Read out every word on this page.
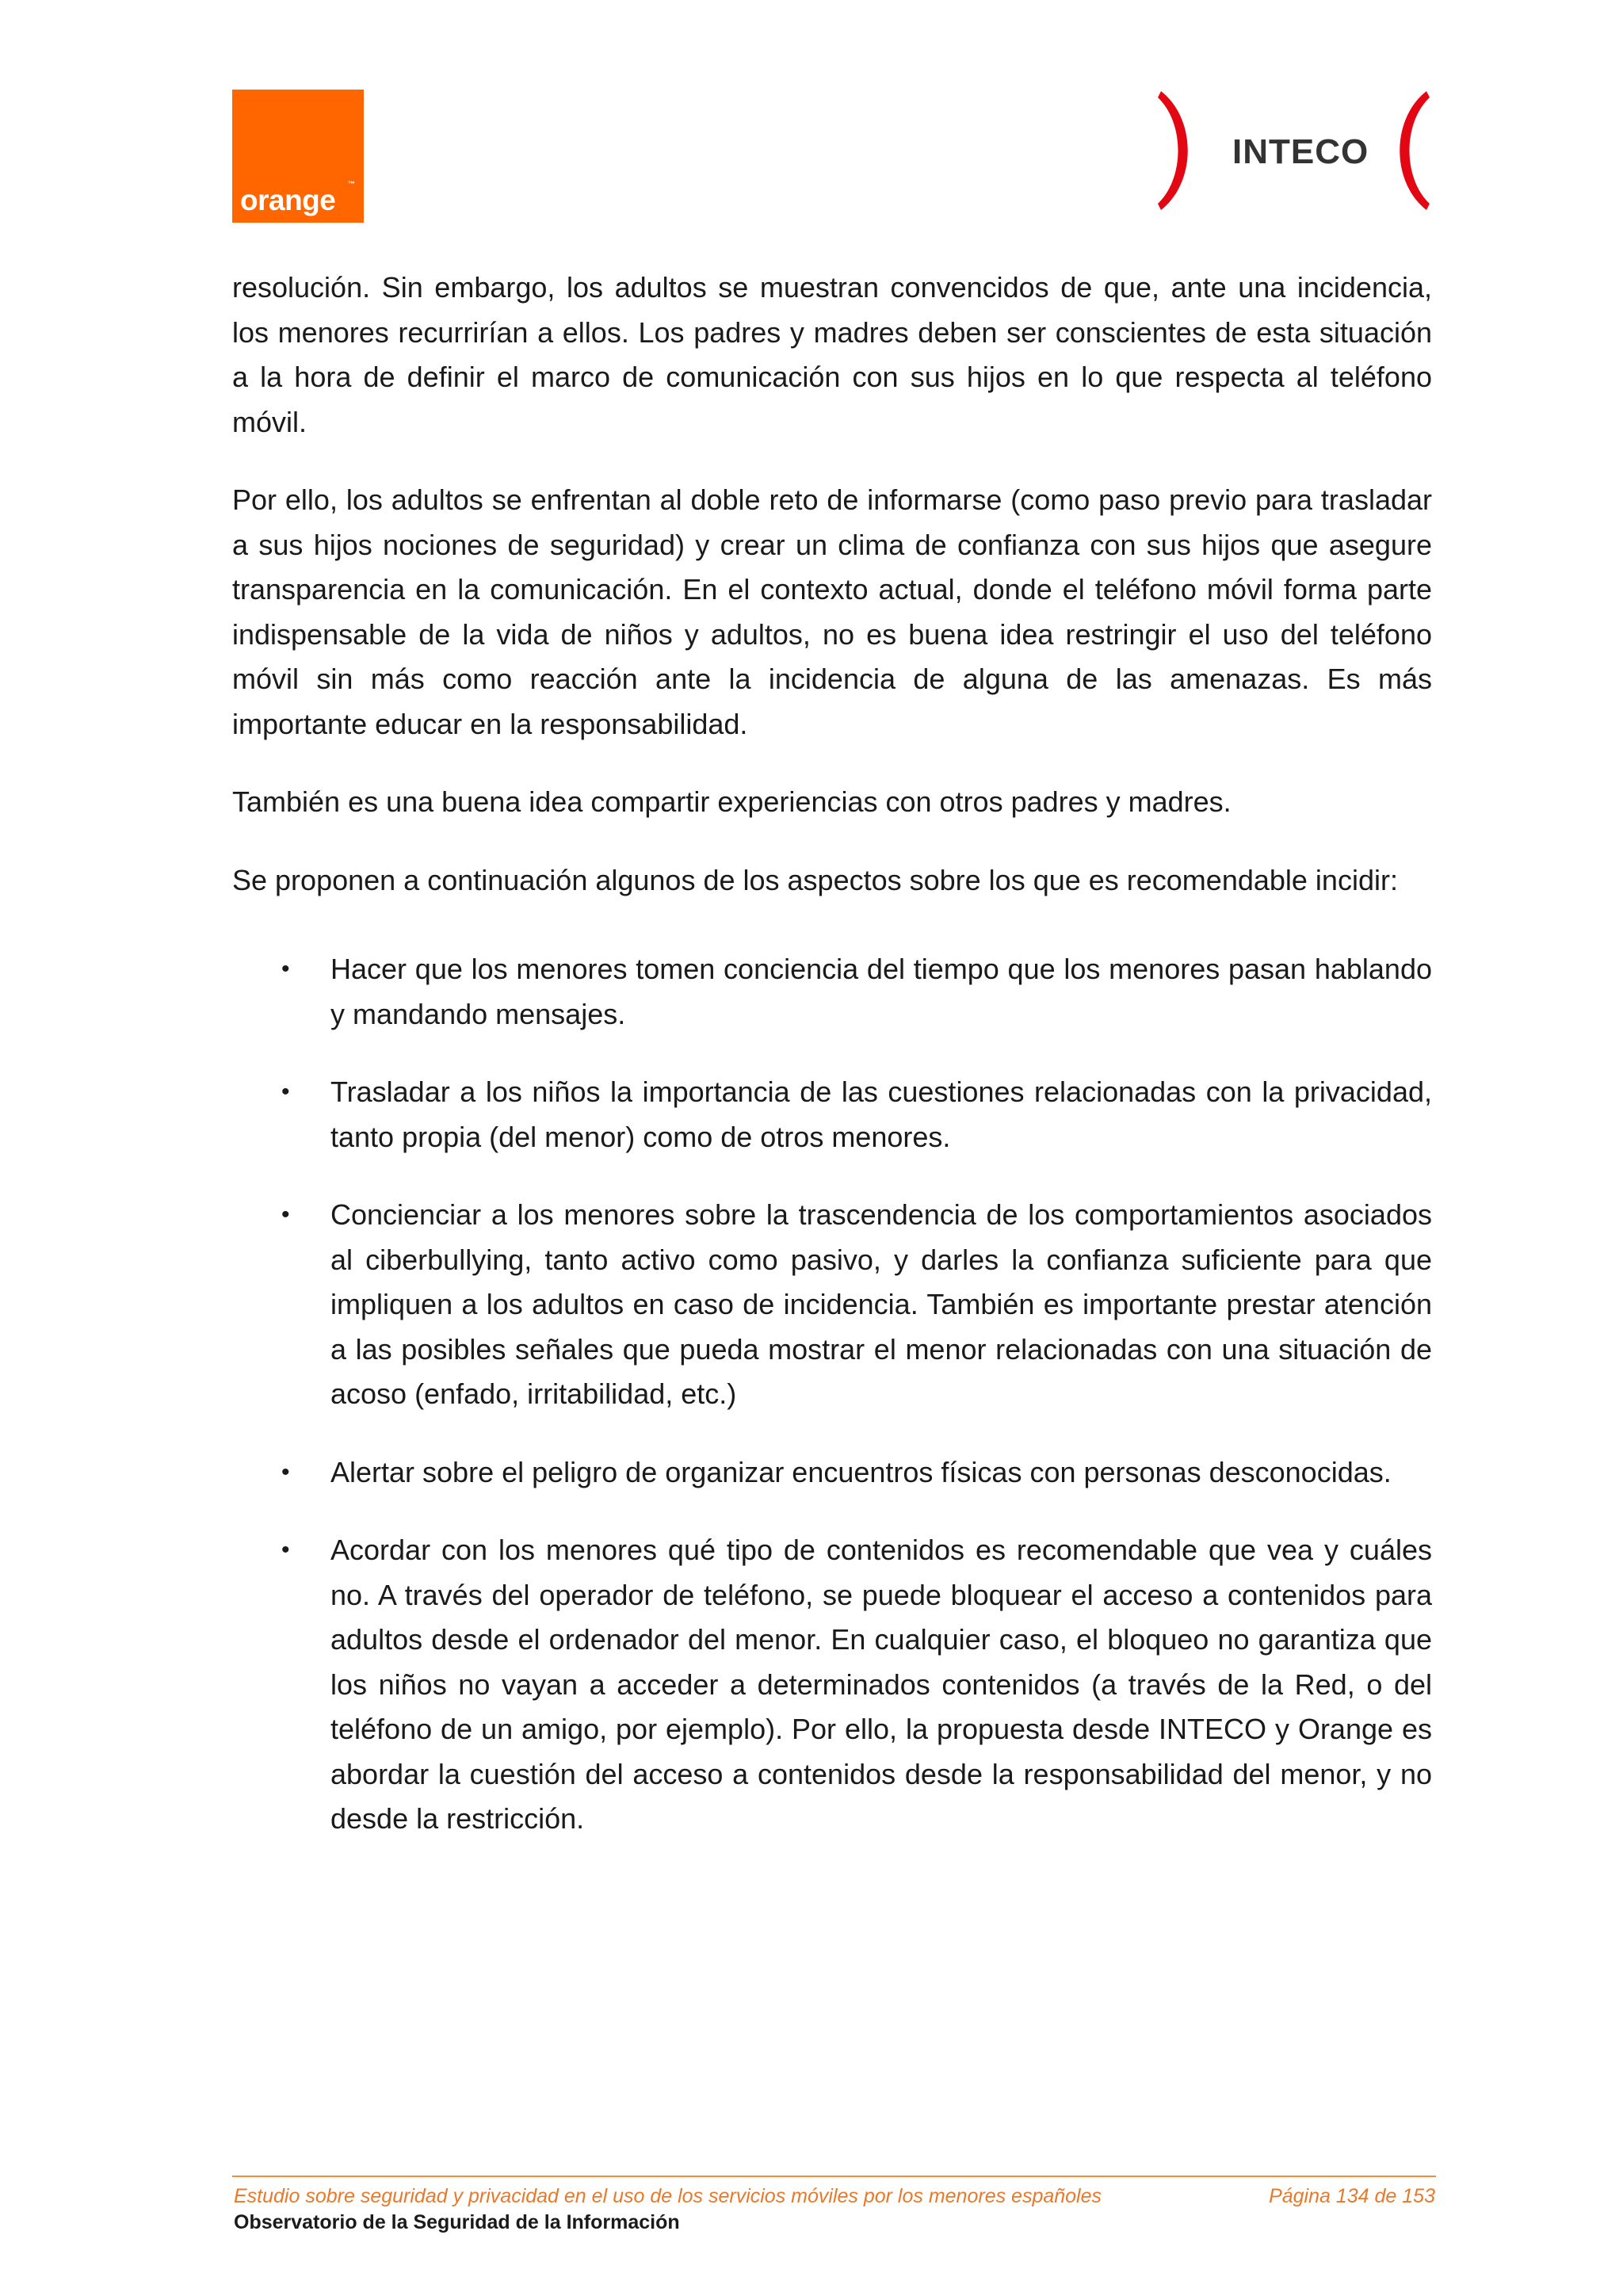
orange ™
INTECO

resolución. Sin embargo, los adultos se muestran convencidos de que, ante una incidencia, los menores recurrirían a ellos. Los padres y madres deben ser conscientes de esta situación a la hora de definir el marco de comunicación con sus hijos en lo que respecta al teléfono móvil.

Por ello, los adultos se enfrentan al doble reto de informarse (como paso previo para trasladar a sus hijos nociones de seguridad) y crear un clima de confianza con sus hijos que asegure transparencia en la comunicación. En el contexto actual, donde el teléfono móvil forma parte indispensable de la vida de niños y adultos, no es buena idea restringir el uso del teléfono móvil sin más como reacción ante la incidencia de alguna de las amenazas. Es más importante educar en la responsabilidad.

También es una buena idea compartir experiencias con otros padres y madres.

Se proponen a continuación algunos de los aspectos sobre los que es recomendable incidir:

• Hacer que los menores tomen conciencia del tiempo que los menores pasan hablando y mandando mensajes.
• Trasladar a los niños la importancia de las cuestiones relacionadas con la privacidad, tanto propia (del menor) como de otros menores.
• Concienciar a los menores sobre la trascendencia de los comportamientos asociados al ciberbullying, tanto activo como pasivo, y darles la confianza suficiente para que impliquen a los adultos en caso de incidencia. También es importante prestar atención a las posibles señales que pueda mostrar el menor relacionadas con una situación de acoso (enfado, irritabilidad, etc.)
• Alertar sobre el peligro de organizar encuentros físicas con personas desconocidas.
• Acordar con los menores qué tipo de contenidos es recomendable que vea y cuáles no. A través del operador de teléfono, se puede bloquear el acceso a contenidos para adultos desde el ordenador del menor. En cualquier caso, el bloqueo no garantiza que los niños no vayan a acceder a determinados contenidos (a través de la Red, o del teléfono de un amigo, por ejemplo). Por ello, la propuesta desde INTECO y Orange es abordar la cuestión del acceso a contenidos desde la responsabilidad del menor, y no desde la restricción.
Estudio sobre seguridad y privacidad en el uso de los servicios móviles por los menores españoles	Página 134 de 153
Observatorio de la Seguridad de la Información
